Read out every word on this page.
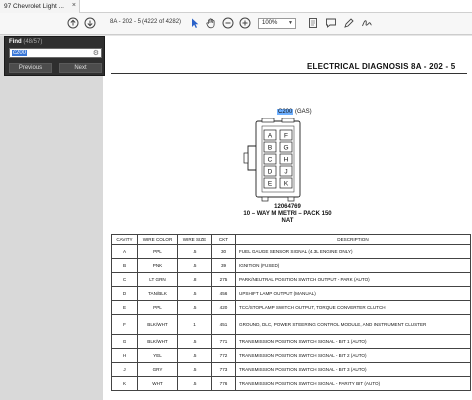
97 Chevrolet Light ... ×
8A - 202 - 5 (4222 of 4282)	100% ▼
ELECTRICAL DIAGNOSIS 8A - 202 - 5
C200 (GAS)
A
B
C
D
E
F
G
H
J
K
12064769
10 – WAY M METRI – PACK 150
NAT
CAVITY	WIRE COLOR	WIRE SIZE	CKT	DESCRIPTION
A	PPL	.5	30	FUEL GAUGE SENSOR SIGNAL (4.3L ENGINE ONLY)
B	PNK	.5	39	IGNITION (FUSED)
C	LT GRN	.8	275	PARK/NEUTRAL POSITION SWITCH OUTPUT - PARK (AUTO)
D	TAN/BLK	.5	456	UPSHIFT LAMP OUTPUT (MANUAL)
E	PPL	.5	420	TCC/STOPLAMP SWITCH OUTPUT, TORQUE CONVERTER CLUTCH
F	BLK/WHT	1	451	GROUND, DLC, POWER STEERING CONTROL MODULE, AND INSTRUMENT CLUSTER
G	BLK/WHT	.5	771	TRANSMISSION POSITION SWITCH SIGNAL - BIT 1 (AUTO)
H	YEL	.5	772	TRANSMISSION POSITION SWITCH SIGNAL - BIT 2 (AUTO)
J	GRY	.5	773	TRANSMISSION POSITION SWITCH SIGNAL - BIT 3 (AUTO)
K	WHT	.5	776	TRANSMISSION POSITION SWITCH SIGNAL - PARITY BIT (AUTO)
Find (48/57)
c200	⚙
Previous	Next
